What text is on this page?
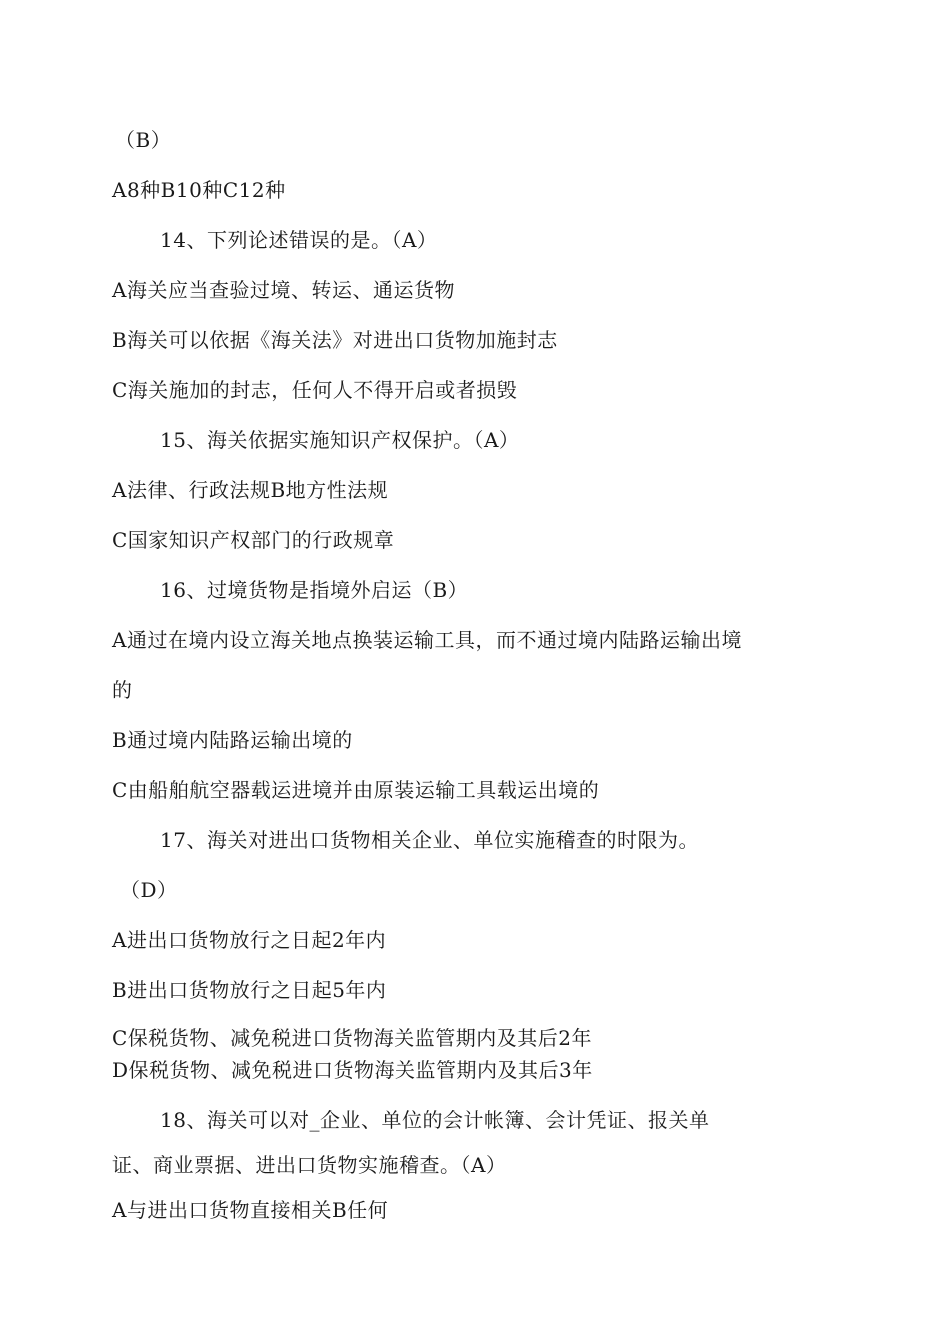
（B）
A8种B10种C12种
14、下列论述错误的是。（A）
A海关应当查验过境、转运、通运货物
B海关可以依据《海关法》对进出口货物加施封志
C海关施加的封志，任何人不得开启或者损毁
15、海关依据实施知识产权保护。（A）
A法律、行政法规B地方性法规
C国家知识产权部门的行政规章
16、过境货物是指境外启运（B）
A通过在境内设立海关地点换装运输工具，而不通过境内陆路运输出境
的
B通过境内陆路运输出境的
C由船舶航空器载运进境并由原装运输工具载运出境的
17、海关对进出口货物相关企业、单位实施稽查的时限为。
（D）
A进出口货物放行之日起2年内
B进出口货物放行之日起5年内
C保税货物、减免税进口货物海关监管期内及其后2年
D保税货物、减免税进口货物海关监管期内及其后3年
18、海关可以对_企业、单位的会计帐簿、会计凭证、报关单
证、商业票据、进出口货物实施稽查。（A）
A与进出口货物直接相关B任何
